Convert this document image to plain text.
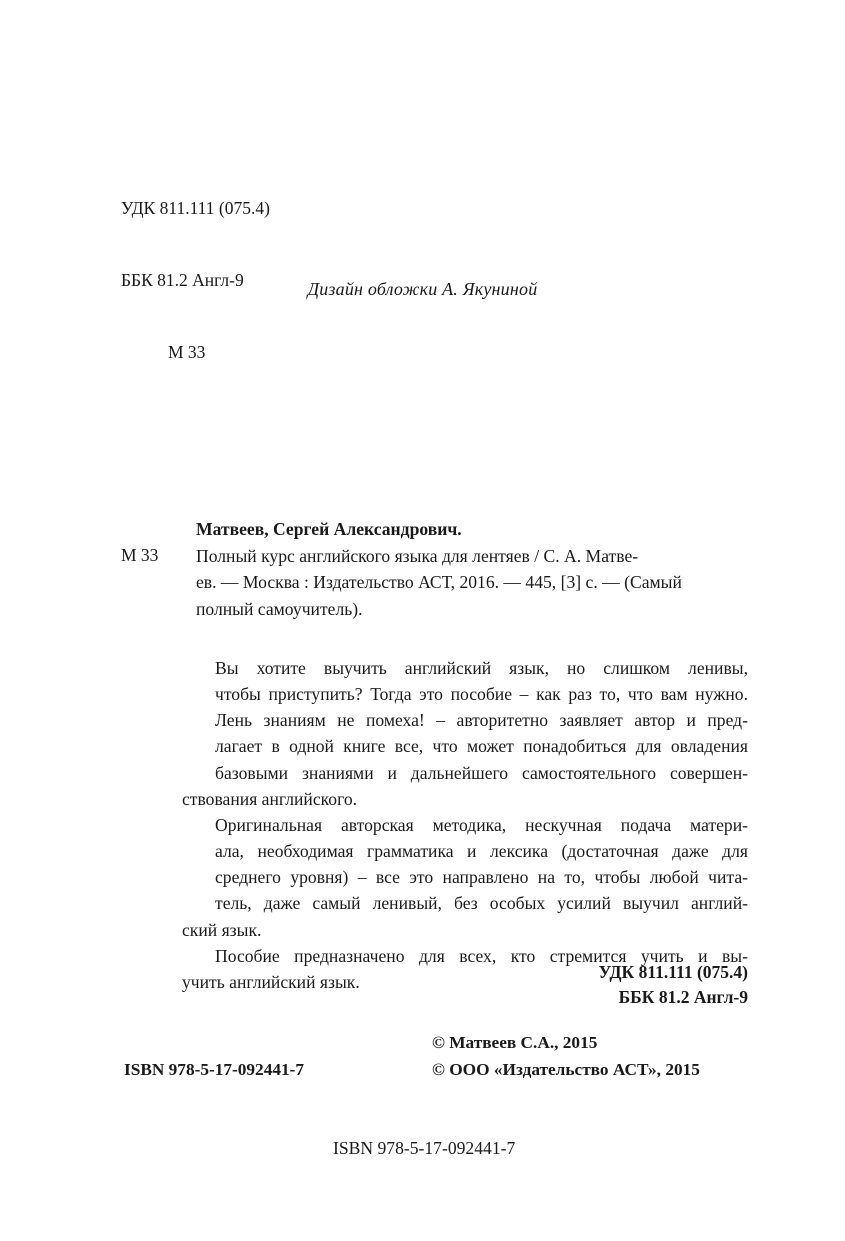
УДК 811.111 (075.4)

ББК 81.2 Англ-9

М 33

Дизайн обложки А. Якуниной
М 33
Матвеев, Сергей Александрович.
Полный курс английского языка для лентяев / С. А. Матве-
ев. — Москва : Издательство АСТ, 2016. — 445, [3] с. — (Самый
полный самоучитель).
ISBN 978-5-17-092441-7

Вы хотите выучить английский язык, но слишком ленивы,
чтобы приступить? Тогда это пособие – как раз то, что вам нужно.
Лень знаниям не помеха! – авторитетно заявляет автор и пред-
лагает в одной книге все, что может понадобиться для овладения
базовыми знаниями и дальнейшего самостоятельного совершен-
ствования английского.

Оригинальная авторская методика, нескучная подача матери-
ала, необходимая грамматика и лексика (достаточная даже для
среднего уровня) – все это направлено на то, чтобы любой чита-
тель, даже самый ленивый, без особых усилий выучил англий-
ский язык.

Пособие предназначено для всех, кто стремится учить и вы-
учить английский язык.	УДК 811.111 (075.4)
ББК 81.2 Англ-9
© Матвеев С.А., 2015
ISBN 978-5-17-092441-7	© ООО «Издательство АСТ», 2015
